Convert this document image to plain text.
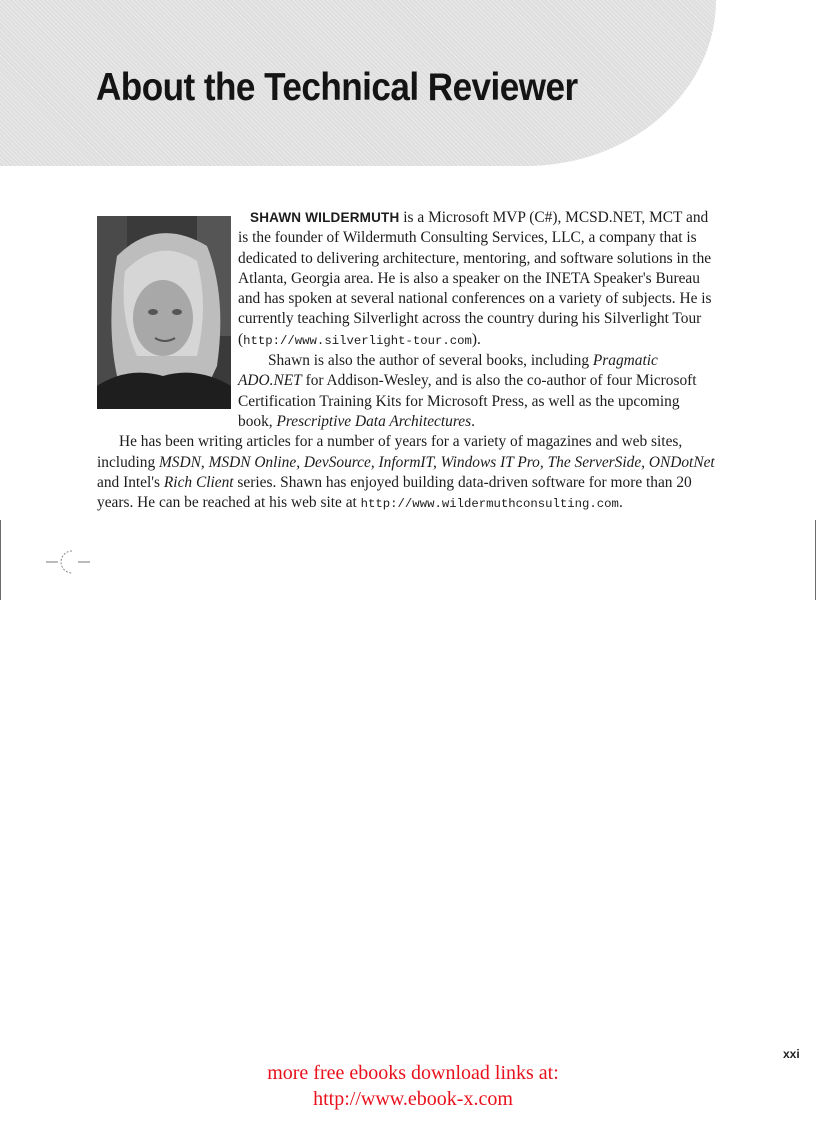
About the Technical Reviewer

SHAWN WILDERMUTH is a Microsoft MVP (C#), MCSD.NET, MCT and is the founder of Wildermuth Consulting Services, LLC, a company that is dedicated to delivering architecture, mentoring, and software solutions in the Atlanta, Georgia area. He is also a speaker on the INETA Speaker's Bureau and has spoken at several national conferences on a variety of subjects. He is currently teaching Silverlight across the country during his Silverlight Tour (http://www.silverlight-tour.com).

Shawn is also the author of several books, including Pragmatic ADO.NET for Addison-Wesley, and is also the co-author of four Microsoft Certification Training Kits for Microsoft Press, as well as the upcoming book, Prescriptive Data Architectures.

He has been writing articles for a number of years for a variety of magazines and web sites, including MSDN, MSDN Online, DevSource, InformIT, Windows IT Pro, The ServerSide, ONDotNet and Intel's Rich Client series. Shawn has enjoyed building data-driven software for more than 20 years. He can be reached at his web site at http://www.wildermuthconsulting.com.

xxi
more free ebooks download links at:
http://www.ebook-x.com
